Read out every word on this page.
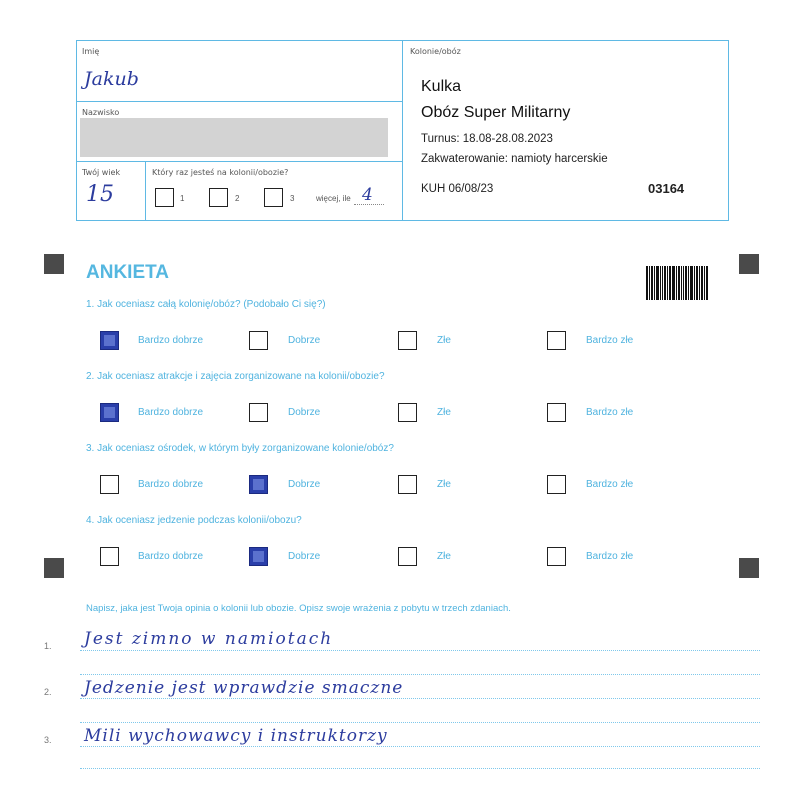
Imię
Jakub
Nazwisko
Twój wiek
15
Który raz jesteś na kolonii/obozie?
1	2	3	więcej, ile 4
Kolonie/obóz
Kulka
Obóz Super Militarny
Turnus: 18.08-28.08.2023
Zakwaterowanie: namioty harcerskie
KUH 06/08/23	03164
ANKIETA
1. Jak oceniasz całą kolonię/obóz? (Podobało Ci się?)
Bardzo dobrze	Dobrze	Złe	Bardzo złe
2. Jak oceniasz atrakcje i zajęcia zorganizowane na kolonii/obozie?
Bardzo dobrze	Dobrze	Złe	Bardzo złe
3. Jak oceniasz ośrodek, w którym były zorganizowane kolonie/obóz?
Bardzo dobrze	Dobrze	Złe	Bardzo złe
4. Jak oceniasz jedzenie podczas kolonii/obozu?
Bardzo dobrze	Dobrze	Złe	Bardzo złe
Napisz, jaka jest Twoja opinia o kolonii lub obozie. Opisz swoje wrażenia z pobytu w trzech zdaniach.
1. Jest zimno w namiotach
2. Jedzenie jest wprawdzie smaczne
3. Mili wychowawcy i instruktorzy
